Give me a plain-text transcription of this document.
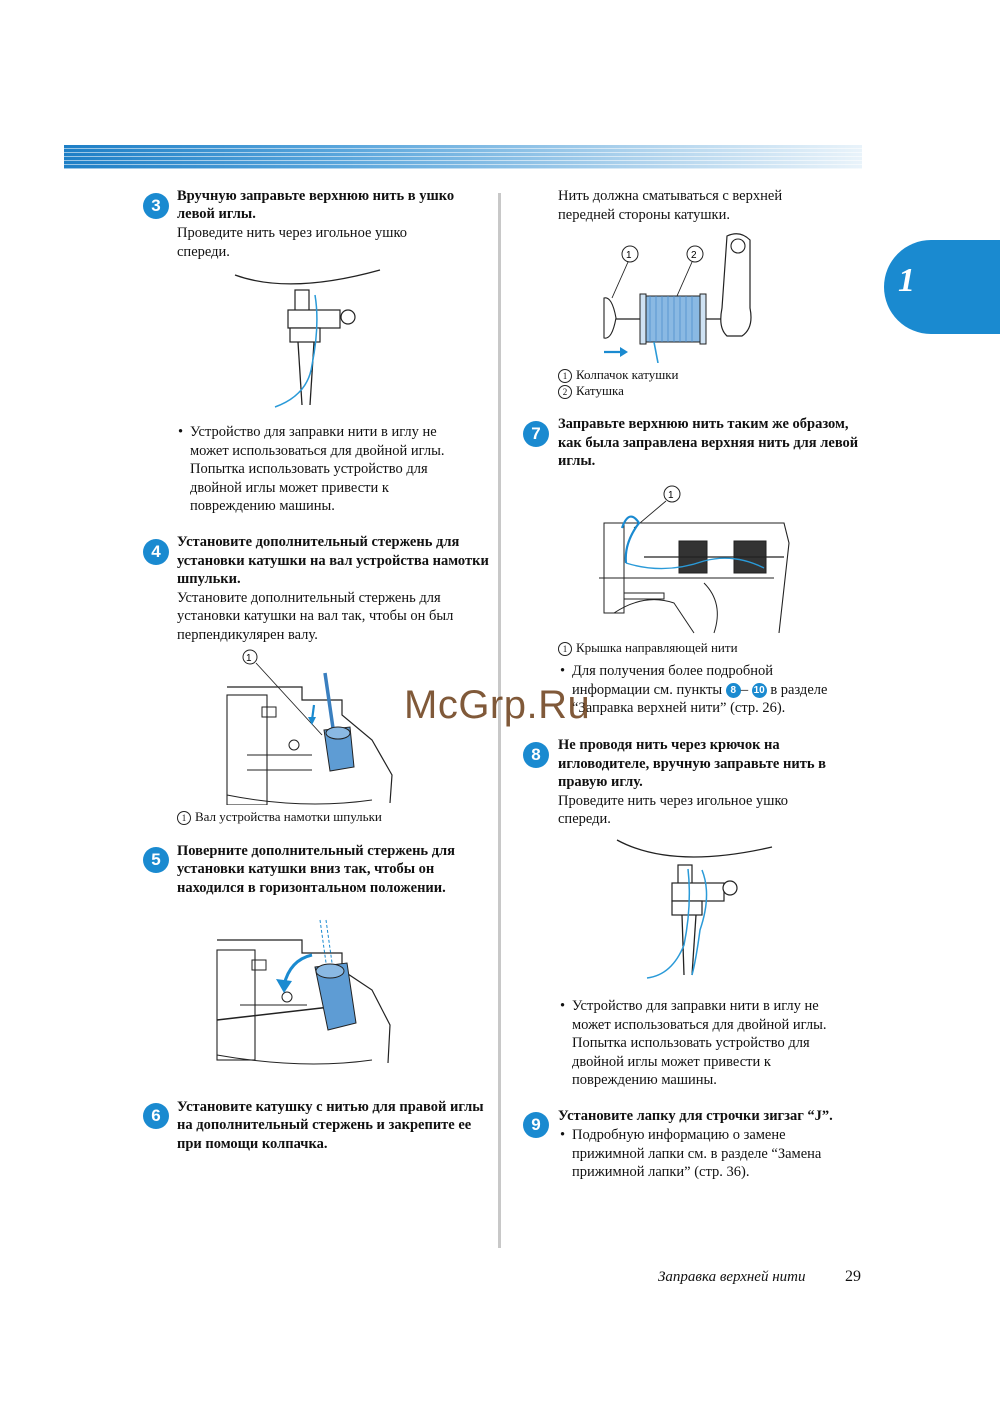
1
3	Вручную заправьте верхнюю нить в ушко
левой иглы.
Проведите нить через игольное ушко
спереди.
• Устройство для заправки нити в иглу не
может использоваться для двойной иглы.
Попытка использовать устройство для
двойной иглы может привести к
повреждению машины.
4	Установите дополнительный стержень для
установки катушки на вал устройства намотки
шпульки.
Установите дополнительный стержень для
установки катушки на вал так, чтобы он был
перпендикулярен валу.
1
1 Вал устройства намотки шпульки
5	Поверните дополнительный стержень для
установки катушки вниз так, чтобы он
находился в горизонтальном положении.
6	Установите катушку с нитью для правой иглы
на дополнительный стержень и закрепите ее
при помощи колпачка.
Нить должна сматываться с верхней
передней стороны катушки.
1	2
1 Колпачок катушки
2 Катушка
7	Заправьте верхнюю нить таким же образом,
как была заправлена верхняя нить для левой
иглы.
1
1 Крышка направляющей нити
• Для получения более подробной
информации см. пункты 8 – 10 в разделе
“Заправка верхней нити” (стр. 26).
8	Не проводя нить через крючок на
игловодителе, вручную заправьте нить в
правую иглу.
Проведите нить через игольное ушко
спереди.
• Устройство для заправки нити в иглу не
может использоваться для двойной иглы.
Попытка использовать устройство для
двойной иглы может привести к
повреждению машины.
9	Установите лапку для строчки зигзаг “J”.
• Подробную информацию о замене
прижимной лапки см. в разделе “Замена
прижимной лапки” (стр. 36).
McGrp.Ru
Заправка верхней нити 29
